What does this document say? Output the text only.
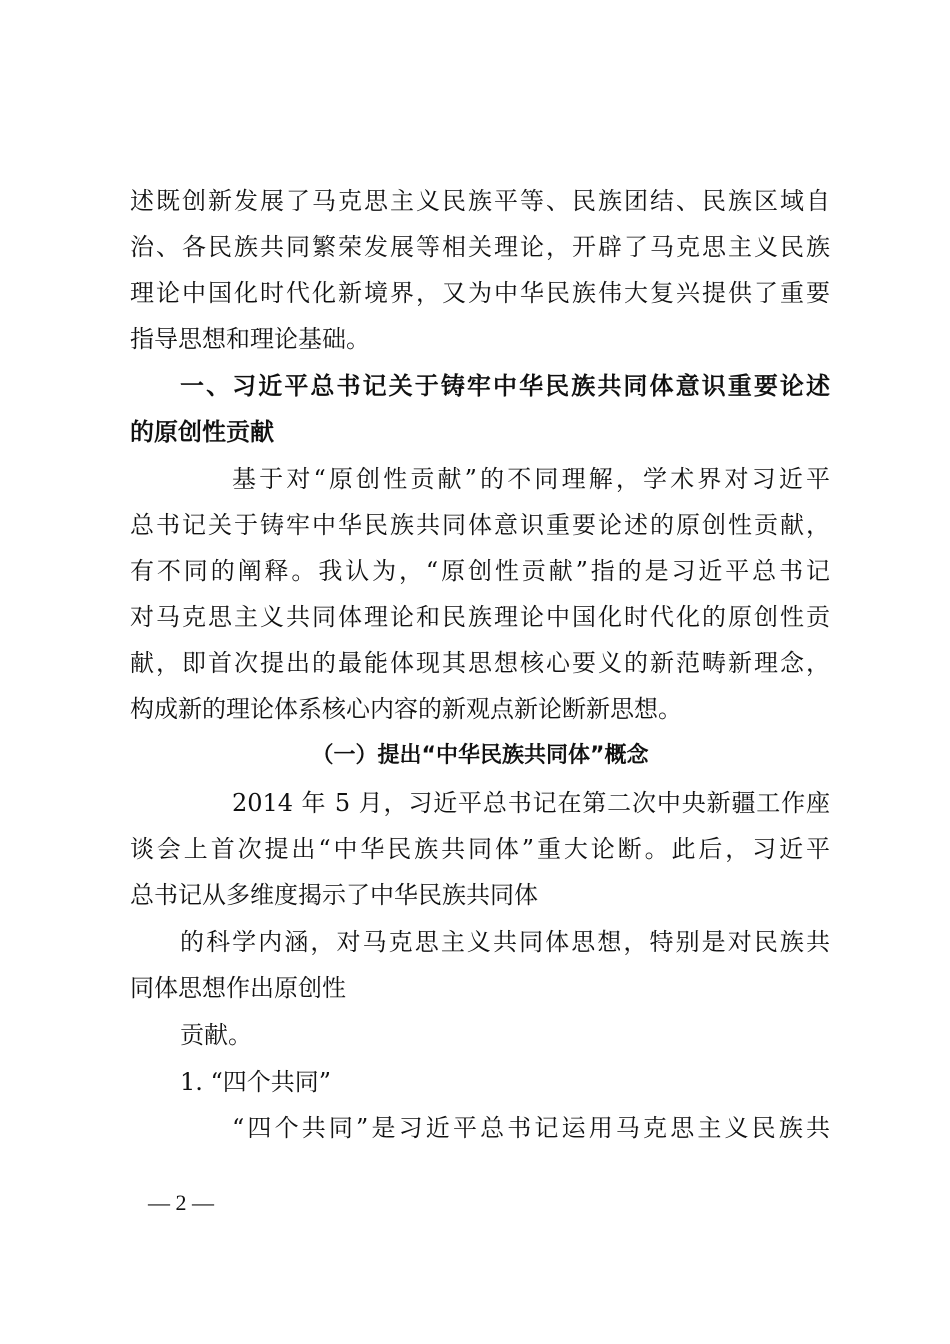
述既创新发展了马克思主义民族平等、民族团结、民族区域自
治、各民族共同繁荣发展等相关理论，开辟了马克思主义民族
理论中国化时代化新境界，又为中华民族伟大复兴提供了重要
指导思想和理论基础。
一、习近平总书记关于铸牢中华民族共同体意识重要论述
的原创性贡献
基于对“原创性贡献”的不同理解，学术界对习近平
总书记关于铸牢中华民族共同体意识重要论述的原创性贡献，
有不同的阐释。我认为，“原创性贡献”指的是习近平总书记
对马克思主义共同体理论和民族理论中国化时代化的原创性贡
献，即首次提出的最能体现其思想核心要义的新范畴新理念，
构成新的理论体系核心内容的新观点新论断新思想。
（一）提出“中华民族共同体”概念
2014 年 5 月，习近平总书记在第二次中央新疆工作座
谈会上首次提出“中华民族共同体”重大论断。此后，习近平
总书记从多维度揭示了中华民族共同体
的科学内涵，对马克思主义共同体思想，特别是对民族共
同体思想作出原创性
贡献。
1. “四个共同”
“四个共同”是习近平总书记运用马克思主义民族共
— 2 —
